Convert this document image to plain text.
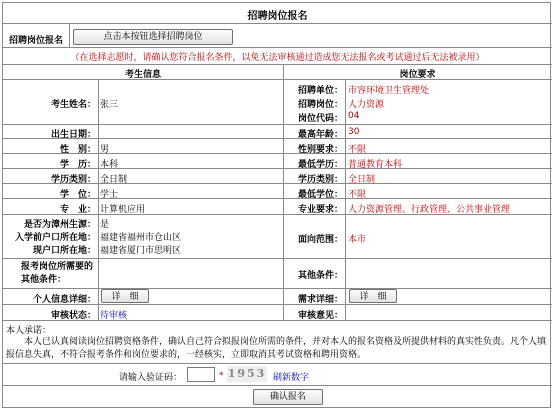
招聘岗位报名
招聘岗位报名	点击本按钮选择招聘岗位
（在选择志愿时，请确认您符合报名条件，以免无法审核通过造成您无法报名或考试通过后无法被录用）
考生信息	岗位要求
考生姓名： 张三
招聘单位： 市容环境卫生管理处
招聘岗位： 人力资源
岗位代码： 04
出生日期：	最高年龄： 30
性　别： 男	性别要求： 不限
学　历： 本科	最低学历： 普通教育本科
学历类别： 全日制	学历类别： 全日制
学　位： 学士	最低学位： 不限
专　业： 计算机应用	专业要求： 人力资源管理、行政管理、公共事业管理
是否为漳州生源： 是
入学前户口所在地： 福建省福州市仓山区
现户口所在地： 福建省厦门市思明区
面向范围： 本市
报考岗位所需要的其他条件：	其他条件：
个人信息详细：	详　细	需求详细：	详　细
审核状态： 待审核	审核意见：
本人承诺：
本人已认真阅读岗位招聘资格条件，确认自己符合拟报岗位所需的条件，并对本人的报名资格及所提供材料的真实性负责。凡个人填
报信息失真，不符合报考条件和岗位要求的，一经核实，立即取消其考试资格和聘用资格。
请输入验证码：	* 1953 刷新数字
确认报名
